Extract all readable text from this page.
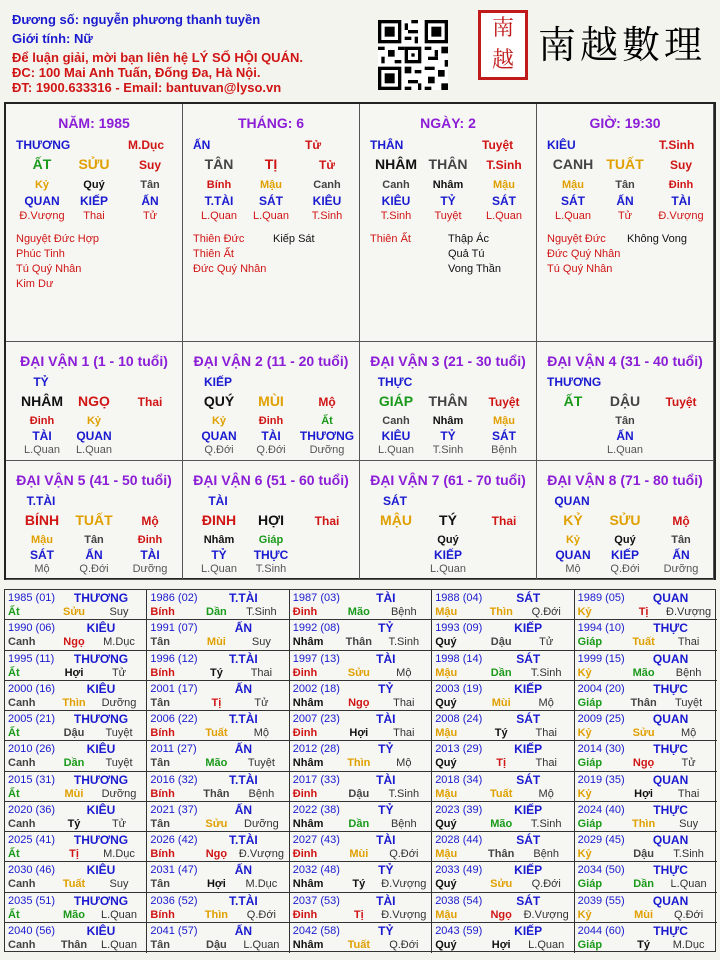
Đương số: nguyễn phương thanh tuyền
Giới tính: Nữ
Để luận giải, mời bạn liên hệ LÝ SỐ HỘI QUÁN.
ĐC: 100 Mai Anh Tuấn, Đống Đa, Hà Nội.
ĐT: 1900.633316 - Email: bantuvan@lyso.vn
南 越 南越數理
NĂM: 1985
THƯƠNG	M.Dục
ẤT	SỬU	Suy
Kỷ	Quý	Tân
QUAN	KIẾP	ẤN
Đ.Vượng	Thai	Tử
Nguyệt Đức Hợp
Phúc Tinh
Tú Quý Nhân
Kim Dư
THÁNG: 6
ẤN	Tử
TÂN	TỊ	Tử
Bính	Mậu	Canh
T.TÀI	SÁT	KIÊU
L.Quan	L.Quan	T.Sinh
Thiên Đức
Thiên Ất
Đức Quý Nhân
Kiếp Sát
NGÀY: 2
THÂN	Tuyệt
NHÂM THÂN	T.Sinh
Canh	Nhâm	Mậu
KIÊU	TỶ	SÁT
T.Sinh	Tuyệt	L.Quan
Thiên Ất	Thập Ác
Quả Tú
Vong Thần
GIỜ: 19:30
KIÊU	T.Sinh
CANH TUẤT	Suy
Mậu	Tân	Đinh
SÁT	ẤN	TÀI
L.Quan	Tử	Đ.Vượng
Nguyệt Đức
Đức Quý Nhân
Tú Quý Nhân
Không Vong
ĐẠI VẬN 1 (1 - 10 tuổi)
TỶ
NHÂM	NGỌ	Thai
Đinh	Kỷ
TÀI	QUAN
L.Quan	L.Quan
ĐẠI VẬN 2 (11 - 20 tuổi)
KIẾP
QUÝ	MÙI	Mộ
Kỷ	Đinh	Ất
QUAN	TÀI	THƯƠNG
Q.Đới	Q.Đới	Dưỡng
ĐẠI VẬN 3 (21 - 30 tuổi)
THỰC
GIÁP	THÂN	Tuyệt
Canh	Nhâm	Mậu
KIÊU	TỶ	SÁT
L.Quan	T.Sinh	Bệnh
ĐẠI VẬN 4 (31 - 40 tuổi)
THƯƠNG
ẤT	DẬU	Tuyệt
Tân
ẤN
L.Quan
ĐẠI VẬN 5 (41 - 50 tuổi)
T.TÀI
BÍNH	TUẤT	Mộ
Mậu	Tân	Đinh
SÁT	ẤN	TÀI
Mộ	Q.Đới	Dưỡng
ĐẠI VẬN 6 (51 - 60 tuổi)
TÀI
ĐINH	HỢI	Thai
Nhâm	Giáp
TỶ	THỰC
L.Quan	T.Sinh
ĐẠI VẬN 7 (61 - 70 tuổi)
SÁT
MẬU	TÝ	Thai
Quý
KIẾP
L.Quan
ĐẠI VẬN 8 (71 - 80 tuổi)
QUAN
KỶ	SỬU	Mộ
Kỷ	Quý	Tân
QUAN	KIẾP	ẤN
Mộ	Q.Đới	Dưỡng
1985 (01)	THƯƠNG
Ất	Sửu	Suy
1986 (02)	T.TÀI
Bính	Dần	T.Sinh
1987 (03)	TÀI
Đinh	Mão	Bệnh
1988 (04)	SÁT
Mậu	Thìn	Q.Đới
1989 (05)	QUAN
Kỷ	Tị	Đ.Vượng
1990 (06)	KIÊU
Canh	Ngọ	M.Dục
1991 (07)	ẤN
Tân	Mùi	Suy
1992 (08)	TỶ
Nhâm	Thân	T.Sinh
1993 (09)	KIẾP
Quý	Dậu	Tử
1994 (10)	THỰC
Giáp	Tuất	Thai
1995 (11)	THƯƠNG
Ất	Hợi	Tử
1996 (12)	T.TÀI
Bính	Tý	Thai
1997 (13)	TÀI
Đinh	Sửu	Mộ
1998 (14)	SÁT
Mậu	Dần	T.Sinh
1999 (15)	QUAN
Kỷ	Mão	Bệnh
2000 (16)	KIÊU
Canh	Thìn	Dưỡng
2001 (17)	ẤN
Tân	Tị	Tử
2002 (18)	TỶ
Nhâm	Ngọ	Thai
2003 (19)	KIẾP
Quý	Mùi	Mộ
2004 (20)	THỰC
Giáp	Thân	Tuyệt
2005 (21)	THƯƠNG
Ất	Dậu	Tuyệt
2006 (22)	T.TÀI
Bính	Tuất	Mộ
2007 (23)	TÀI
Đinh	Hợi	Thai
2008 (24)	SÁT
Mậu	Tý	Thai
2009 (25)	QUAN
Kỷ	Sửu	Mộ
2010 (26)	KIÊU
Canh	Dần	Tuyệt
2011 (27)	ẤN
Tân	Mão	Tuyệt
2012 (28)	TỶ
Nhâm	Thìn	Mộ
2013 (29)	KIẾP
Quý	Tị	Thai
2014 (30)	THỰC
Giáp	Ngọ	Tử
2015 (31)	THƯƠNG
Ất	Mùi	Dưỡng
2016 (32)	T.TÀI
Bính	Thân	Bệnh
2017 (33)	TÀI
Đinh	Dậu	T.Sinh
2018 (34)	SÁT
Mậu	Tuất	Mộ
2019 (35)	QUAN
Kỷ	Hợi	Thai
2020 (36)	KIÊU
Canh	Tý	Tử
2021 (37)	ẤN
Tân	Sửu	Dưỡng
2022 (38)	TỶ
Nhâm	Dần	Bệnh
2023 (39)	KIẾP
Quý	Mão	T.Sinh
2024 (40)	THỰC
Giáp	Thìn	Suy
2025 (41)	THƯƠNG
Ất	Tị	M.Dục
2026 (42)	T.TÀI
Bính	Ngọ	Đ.Vượng
2027 (43)	TÀI
Đinh	Mùi	Q.Đới
2028 (44)	SÁT
Mậu	Thân	Bệnh
2029 (45)	QUAN
Kỷ	Dậu	T.Sinh
2030 (46)	KIÊU
Canh	Tuất	Suy
2031 (47)	ẤN
Tân	Hợi	M.Dục
2032 (48)	TỶ
Nhâm	Tý	Đ.Vượng
2033 (49)	KIẾP
Quý	Sửu	Q.Đới
2034 (50)	THỰC
Giáp	Dần	L.Quan
2035 (51)	THƯƠNG
Ất	Mão	L.Quan
2036 (52)	T.TÀI
Bính	Thìn	Q.Đới
2037 (53)	TÀI
Đinh	Tị	Đ.Vượng
2038 (54)	SÁT
Mậu	Ngọ	Đ.Vượng
2039 (55)	QUAN
Kỷ	Mùi	Q.Đới
2040 (56)	KIÊU
Canh	Thân	L.Quan
2041 (57)	ẤN
Tân	Dậu	L.Quan
2042 (58)	TỶ
Nhâm	Tuất	Q.Đới
2043 (59)	KIẾP
Quý	Hợi	L.Quan
2044 (60)	THỰC
Giáp	Tý	M.Dục
